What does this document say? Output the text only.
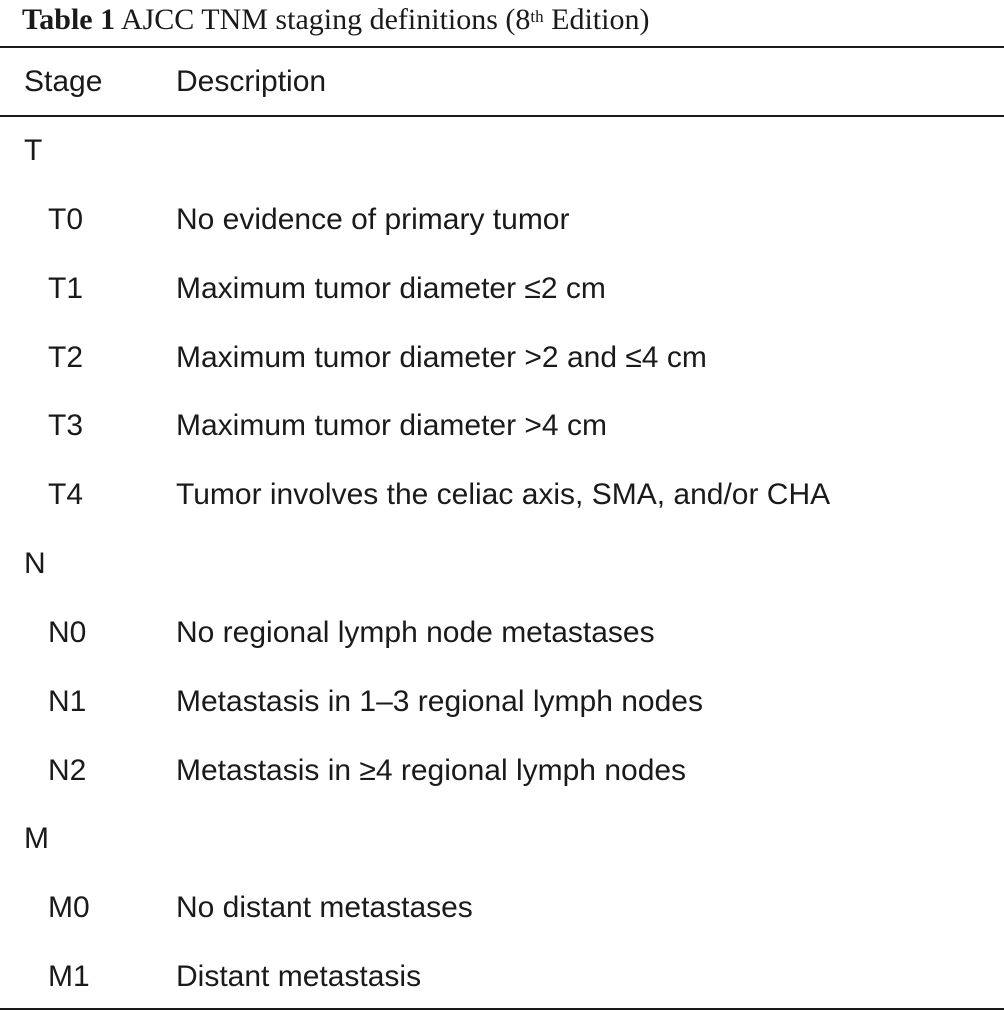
Table 1 AJCC TNM staging definitions (8th Edition)
Stage Description
T
T0	No evidence of primary tumor
T1	Maximum tumor diameter ≤2 cm
T2	Maximum tumor diameter >2 and ≤4 cm
T3	Maximum tumor diameter >4 cm
T4	Tumor involves the celiac axis, SMA, and/or CHA
N
N0	No regional lymph node metastases
N1	Metastasis in 1–3 regional lymph nodes
N2	Metastasis in ≥4 regional lymph nodes
M
M0	No distant metastases
M1	Distant metastasis
